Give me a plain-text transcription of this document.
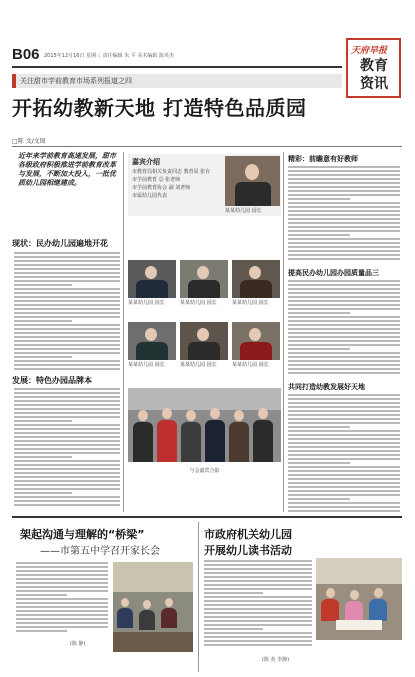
B06 2015年12月16日 星期三 责任编辑 朱 平 美术编辑 陈英杰	天府早报
教育资讯
关注甜市学前教育市场系列报道之四
开拓幼教新天地 打造特色品质园
□陈 文/文图
近年来学前教育高速发展，甜市各级政府积极推进学前教育改革与发展，不断加大投入，一批优质幼儿园相继建成。
现状：民办幼儿园遍地开花
发展：特色办园品牌本
嘉宾介绍
市教育局相关负责同志 教育局 张有
市学前教育 总 张老师
市学前教育协会 副 刘老师
市属幼儿园代表
某某幼儿园 园长
某某幼儿园 园长	某某幼儿园 园长	某某幼儿园 园长
某某幼儿园 园长	某某幼儿园 园长	某某幼儿园 园长
与会嘉宾合影
精彩：前瞻意有好教师
提高民办幼儿园办园质量品三
共同打造幼教发展好天地
架起沟通与理解的“桥梁”
——市第五中学召开家长会
(陈 静)
市政府机关幼儿园
开展幼儿读书活动
(陈 英 李静)
